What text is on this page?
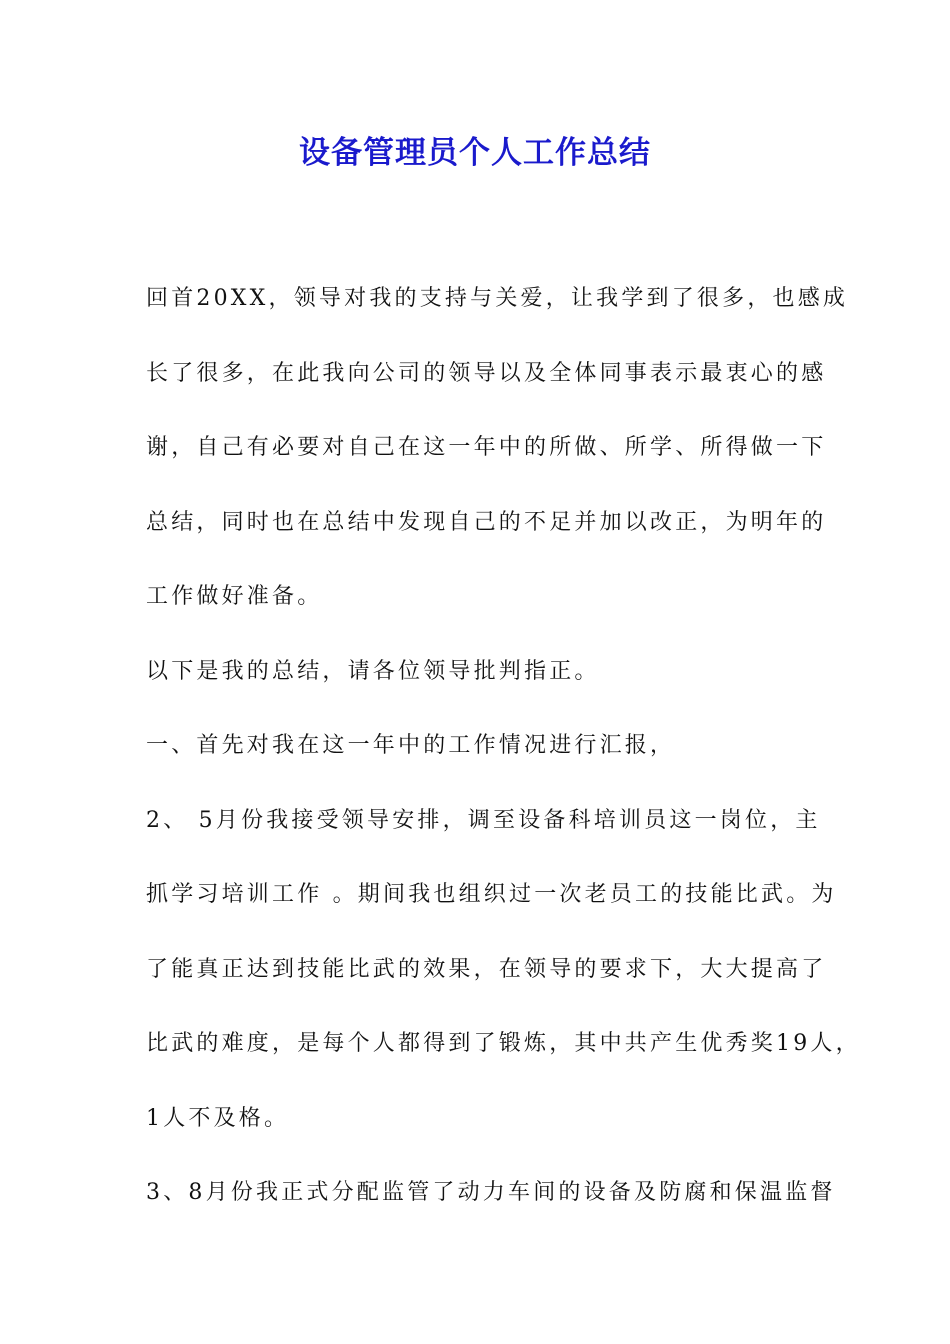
设备管理员个人工作总结
回首20XX，领导对我的支持与关爱，让我学到了很多，也感成
长了很多，在此我向公司的领导以及全体同事表示最衷心的感
谢，自己有必要对自己在这一年中的所做、所学、所得做一下
总结，同时也在总结中发现自己的不足并加以改正，为明年的
工作做好准备。
以下是我的总结，请各位领导批判指正。
一、首先对我在这一年中的工作情况进行汇报，
2、 5月份我接受领导安排，调至设备科培训员这一岗位，主
抓学习培训工作 。期间我也组织过一次老员工的技能比武。为
了能真正达到技能比武的效果，在领导的要求下，大大提高了
比武的难度，是每个人都得到了锻炼，其中共产生优秀奖19人，
1人不及格。
3、8月份我正式分配监管了动力车间的设备及防腐和保温监督
